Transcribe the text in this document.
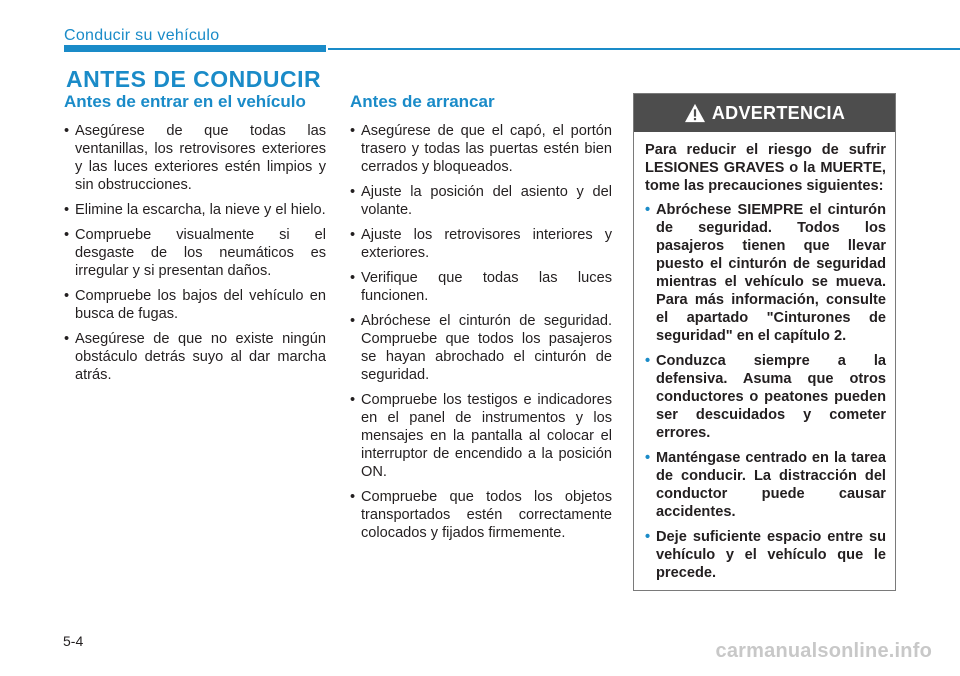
Conducir su vehículo
ANTES DE CONDUCIR
Antes de entrar en el vehículo
• Asegúrese de que todas las ventanillas, los retrovisores exteriores y las luces exteriores estén limpios y sin obstrucciones.
• Elimine la escarcha, la nieve y el hielo.
• Compruebe visualmente si el desgaste de los neumáticos es irregular y si presentan daños.
• Compruebe los bajos del vehículo en busca de fugas.
• Asegúrese de que no existe ningún obstáculo detrás suyo al dar marcha atrás.
Antes de arrancar
• Asegúrese de que el capó, el portón trasero y todas las puertas estén bien cerrados y bloqueados.
• Ajuste la posición del asiento y del volante.
• Ajuste los retrovisores interiores y exteriores.
• Verifique que todas las luces funcionen.
• Abróchese el cinturón de seguridad. Compruebe que todos los pasajeros se hayan abrochado el cinturón de seguridad.
• Compruebe los testigos e indicadores en el panel de instrumentos y los mensajes en la pantalla al colocar el interruptor de encendido a la posición ON.
• Compruebe que todos los objetos transportados estén correctamente colocados y fijados firmemente.
ADVERTENCIA

Para reducir el riesgo de sufrir LESIONES GRAVES o la MUERTE, tome las precauciones siguientes:

• Abróchese SIEMPRE el cinturón de seguridad. Todos los pasajeros tienen que llevar puesto el cinturón de seguridad mientras el vehículo se mueva. Para más información, consulte el apartado "Cinturones de seguridad" en el capítulo 2.
• Conduzca siempre a la defensiva. Asuma que otros conductores o peatones pueden ser descuidados y cometer errores.
• Manténgase centrado en la tarea de conducir. La distracción del conductor puede causar accidentes.
• Deje suficiente espacio entre su vehículo y el vehículo que le precede.
5-4	carmanualsonline.info
